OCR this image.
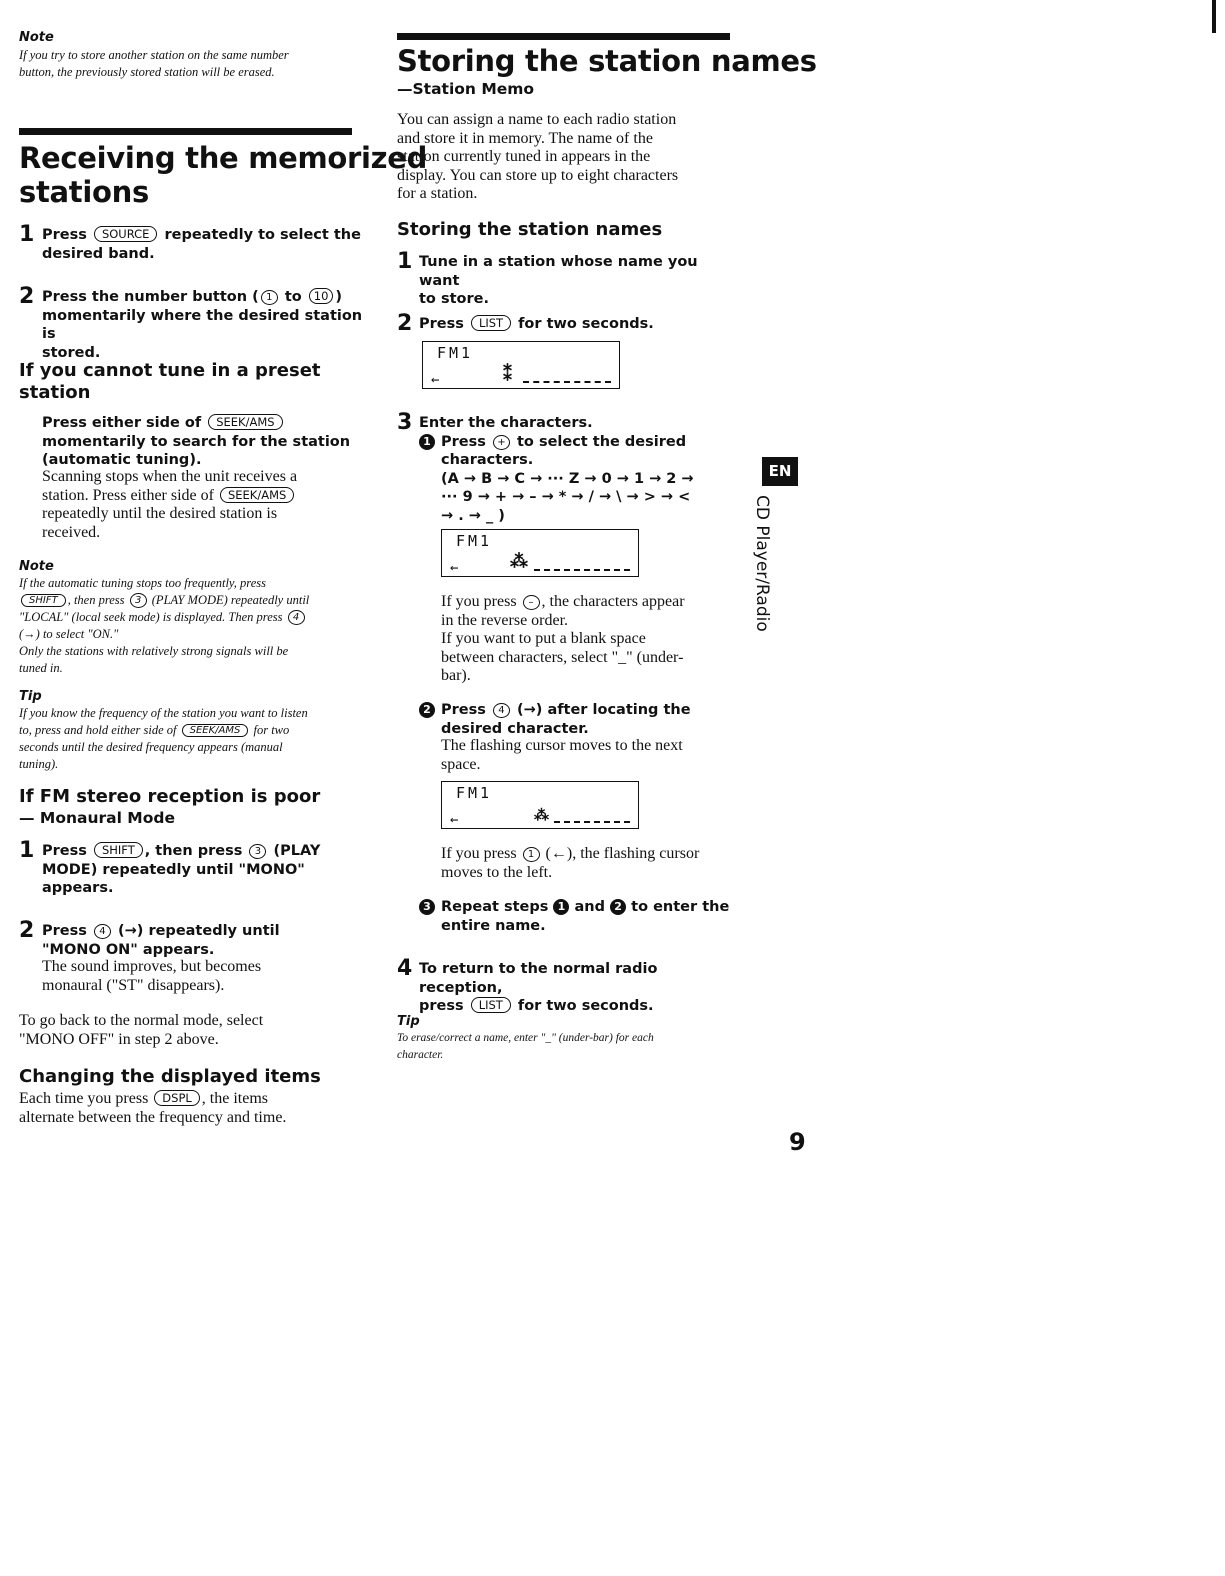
Note
If you try to store another station on the same number
button, the previously stored station will be erased.
Receiving the memorized
stations
1 Press SOURCE repeatedly to select the
desired band.
2 Press the number button ( 1 to 10 )
momentarily where the desired station is
stored.
If you cannot tune in a preset
station
Press either side of SEEK/AMS
momentarily to search for the station
(automatic tuning).
Scanning stops when the unit receives a
station. Press either side of SEEK/AMS
repeatedly until the desired station is
received.
Note
If the automatic tuning stops too frequently, press
SHIFT , then press 3 (PLAY MODE) repeatedly until
"LOCAL" (local seek mode) is displayed. Then press 4
(→) to select "ON."
Only the stations with relatively strong signals will be
tuned in.
Tip
If you know the frequency of the station you want to listen
to, press and hold either side of SEEK/AMS for two
seconds until the desired frequency appears (manual
tuning).
If FM stereo reception is poor
— Monaural Mode
1 Press SHIFT , then press 3 (PLAY
MODE) repeatedly until "MONO"
appears.
2 Press 4 (→) repeatedly until
"MONO ON" appears.
The sound improves, but becomes
monaural ("ST" disappears).
To go back to the normal mode, select
"MONO OFF" in step 2 above.
Changing the displayed items
Each time you press DSPL , the items
alternate between the frequency and time.
Storing the station names
—Station Memo
You can assign a name to each radio station
and store it in memory. The name of the
station currently tuned in appears in the
display. You can store up to eight characters
for a station.
Storing the station names
1 Tune in a station whose name you want
to store.
2 Press LIST for two seconds.
FM1
←	⁑
3 Enter the characters.
1 Press + to select the desired
characters.
(A → B → C → ··· Z → 0 → 1 → 2 →
··· 9 → + → – → * → / → \ → > → <
→ . → _ )
FM1
←	⁂
If you press – , the characters appear
in the reverse order.
If you want to put a blank space
between characters, select "_" (under-
bar).
2 Press 4 (→) after locating the
desired character.
The flashing cursor moves to the next
space.
FM1
←	⁂
If you press 1 (←), the flashing cursor
moves to the left.
3 Repeat steps 1 and 2 to enter the
entire name.
4 To return to the normal radio reception,
press LIST for two seconds.
Tip
To erase/correct a name, enter "_" (under-bar) for each
character.
EN
CD Player/Radio
9
